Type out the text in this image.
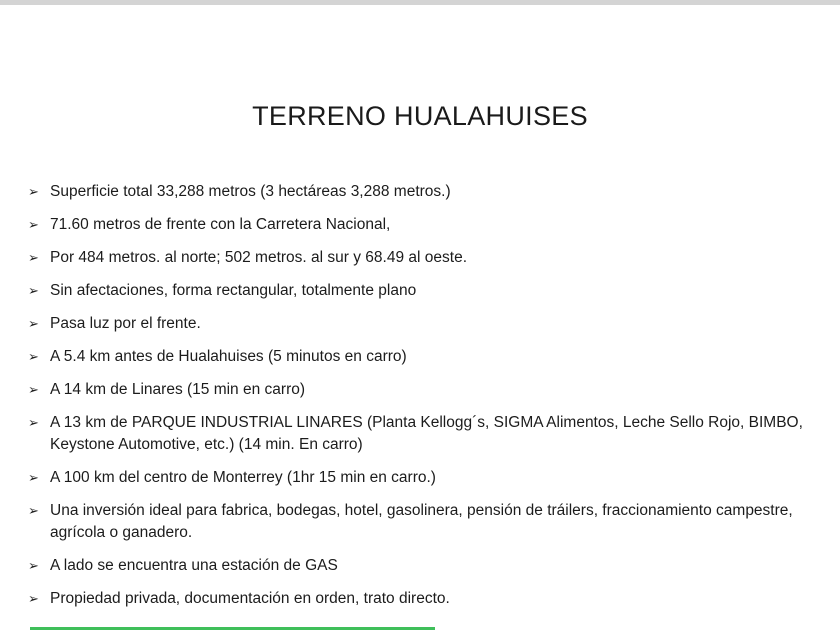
TERRENO HUALAHUISES
➢ Superficie total 33,288 metros (3 hectáreas 3,288 metros.)
➢ 71.60 metros de frente con la Carretera Nacional,
➢ Por 484 metros. al norte; 502 metros. al sur y 68.49 al oeste.
➢ Sin afectaciones, forma rectangular, totalmente plano
➢ Pasa luz por el frente.
➢ A 5.4 km antes de Hualahuises (5 minutos en carro)
➢ A 14 km de Linares (15 min en carro)
➢ A 13 km de PARQUE INDUSTRIAL LINARES (Planta Kellogg´s, SIGMA Alimentos, Leche Sello Rojo, BIMBO, Keystone Automotive, etc.) (14 min. En carro)
➢ A 100 km del centro de Monterrey (1hr 15 min en carro.)
➢ Una inversión ideal para fabrica, bodegas, hotel, gasolinera, pensión de tráilers, fraccionamiento campestre, agrícola o ganadero.
➢ A lado se encuentra una estación de GAS
➢ Propiedad privada, documentación en orden, trato directo.
